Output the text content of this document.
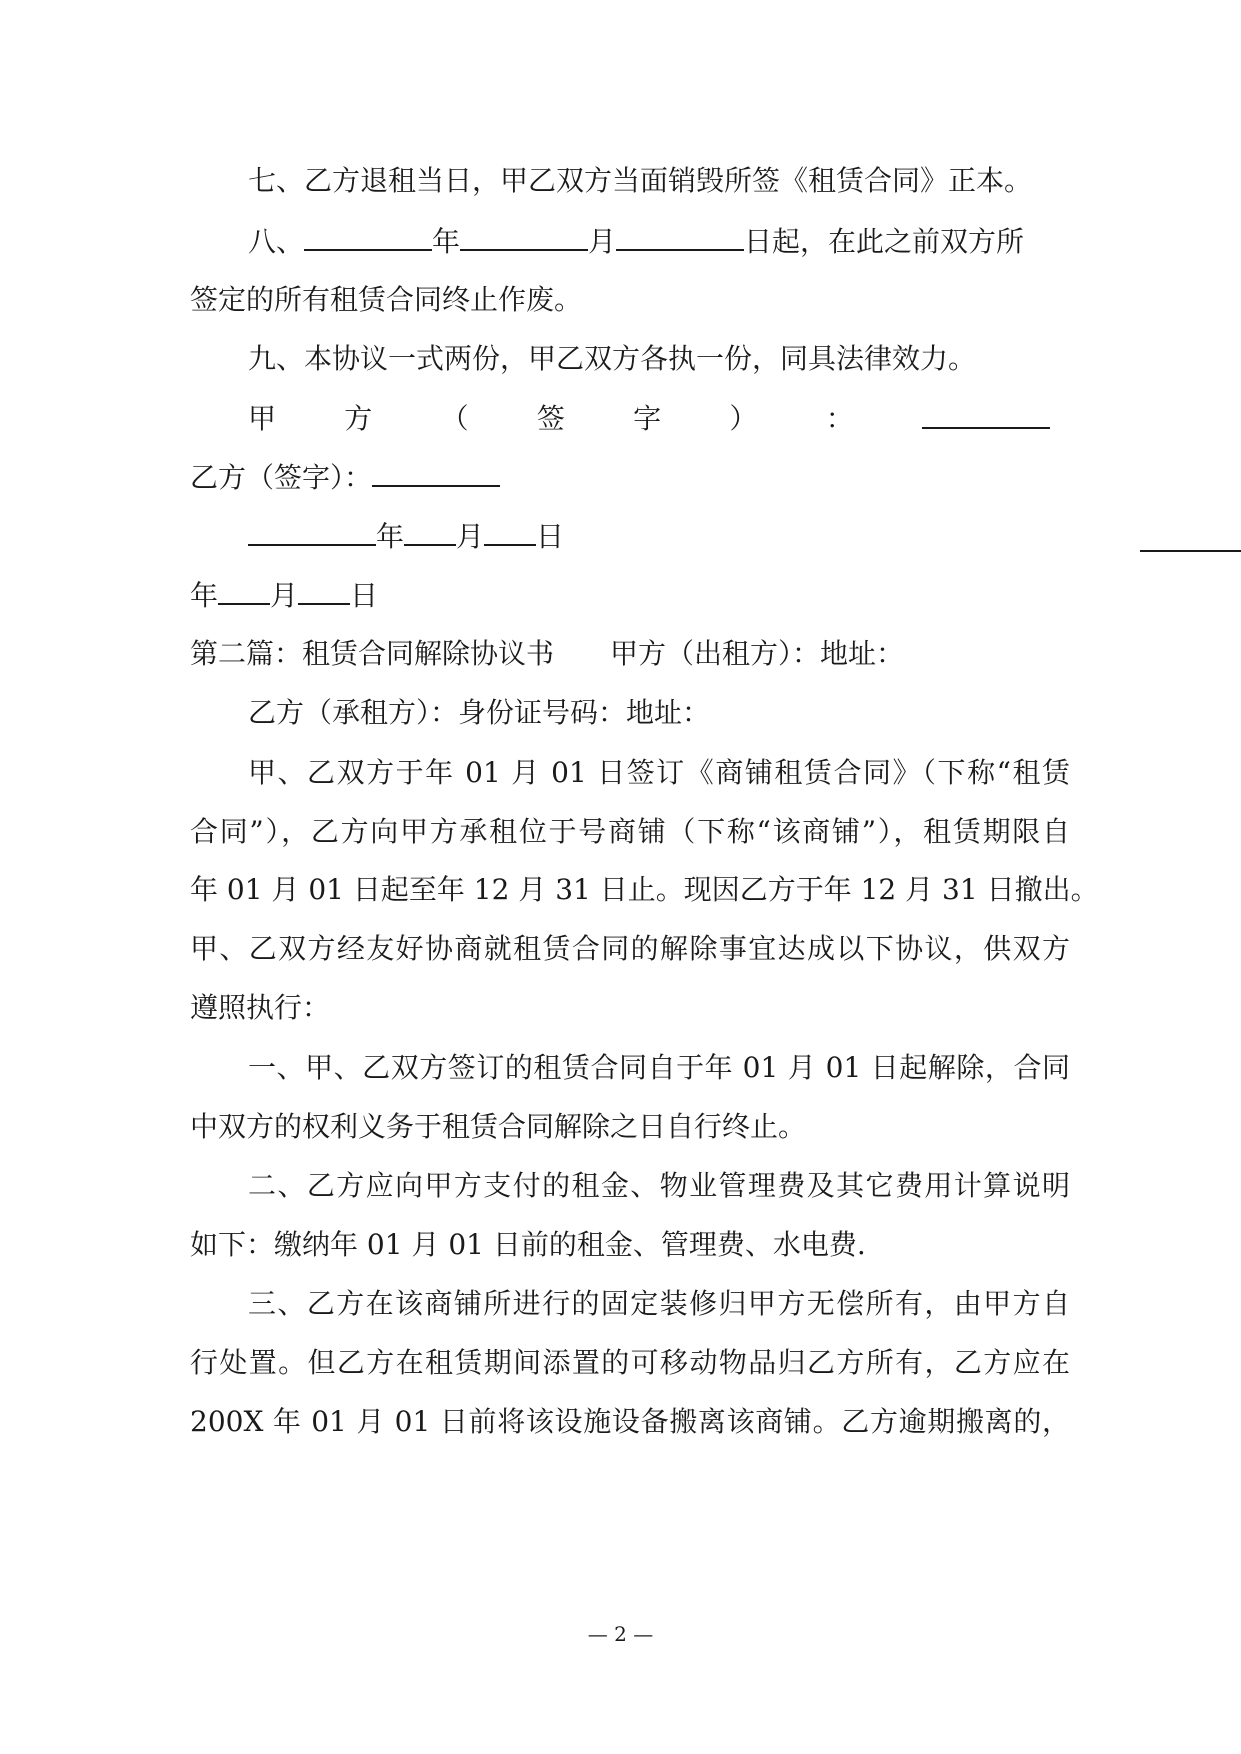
七、乙方退租当日，甲乙双方当面销毁所签《租赁合同》正本。
八、	年	月	日起，在此之前双方所
签定的所有租赁合同终止作废。
九、本协议一式两份，甲乙双方各执一份，同具法律效力。
甲 方 （ 签 字 ） ：
乙方（签字）：
年 月 日
年 月 日
第二篇：租赁合同解除协议书　　甲方（出租方）：地址：
乙方（承租方）：身份证号码：地址：
甲、乙双方于年 01 月 01 日签订《商铺租赁合同》（下称“租赁
合同”），乙方向甲方承租位于号商铺（下称“该商铺”），租赁期限自
年 01 月 01 日起至年 12 月 31 日止。现因乙方于年 12 月 31 日撤出。
甲、乙双方经友好协商就租赁合同的解除事宜达成以下协议，供双方
遵照执行：
一、甲、乙双方签订的租赁合同自于年 01 月 01 日起解除，合同
中双方的权利义务于租赁合同解除之日自行终止。
二、乙方应向甲方支付的租金、物业管理费及其它费用计算说明
如下：缴纳年 01 月 01 日前的租金、管理费、水电费.
三、乙方在该商铺所进行的固定装修归甲方无偿所有，由甲方自
行处置。但乙方在租赁期间添置的可移动物品归乙方所有，乙方应在
200X 年 01 月 01 日前将该设施设备搬离该商铺。乙方逾期搬离的，
— 2 —
